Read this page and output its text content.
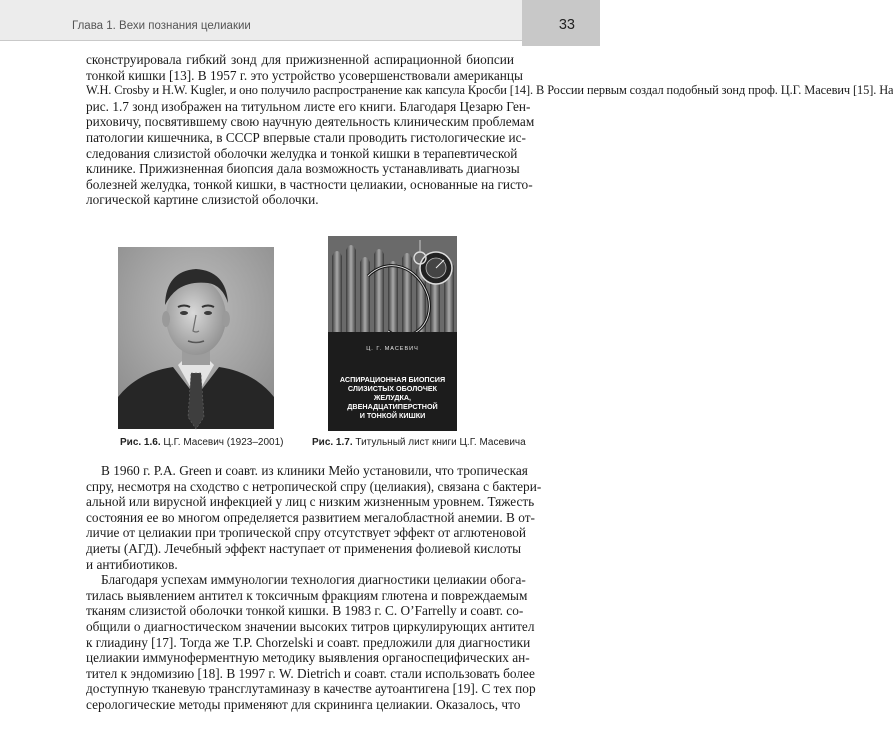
Глава 1. Вехи познания целиакии	33

сконструировала гибкий зонд для прижизненной аспирационной биопсии

тонкой кишки [13]. В 1957 г. это устройство усовершенствовали американцы

W.H. Crosby и H.W. Kugler, и оно получило распространение как капсула Кросби [14]. В России первым создал подобный зонд проф. Ц.Г. Масевич [15]. На

рис. 1.7 зонд изображен на титульном листе его книги. Благодаря Цезарю Ген-

риховичу, посвятившему свою научную деятельность клиническим проблемам

патологии кишечника, в СССР впервые стали проводить гистологические ис-

следования слизистой оболочки желудка и тонкой кишки в терапевтической

клинике. Прижизненная биопсия дала возможность устанавливать диагнозы

болезней желудка, тонкой кишки, в частности целиакии, основанные на гисто-

логической картине слизистой оболочки.

Ц. Г. МАСЕВИЧ
АСПИРАЦИОННАЯ БИОПСИЯ
СЛИЗИСТЫХ ОБОЛОЧЕК
ЖЕЛУДКА,
ДВЕНАДЦАТИПЕРСТНОЙ
И ТОНКОЙ КИШКИ
Рис. 1.6. Ц.Г. Масевич (1923–2001)	Рис. 1.7. Титульный лист книги Ц.Г. Масевича

В 1960 г. P.A. Green и соавт. из клиники Мейо установили, что тропическая

спру, несмотря на сходство с нетропической спру (целиакия), связана с бактери-

альной или вирусной инфекцией у лиц с низким жизненным уровнем. Тяжесть

состояния ее во многом определяется развитием мегалобластной анемии. В от-

личие от целиакии при тропической спру отсутствует эффект от аглютеновой

диеты (АГД). Лечебный эффект наступает от применения фолиевой кислоты

и антибиотиков.

Благодаря успехам иммунологии технология диагностики целиакии обога-

тилась выявлением антител к токсичным фракциям глютена и повреждаемым

тканям слизистой оболочки тонкой кишки. В 1983 г. C. O’Farrelly и соавт. со-

общили о диагностическом значении высоких титров циркулирующих антител

к глиадину [17]. Тогда же T.P. Chorzelski и соавт. предложили для диагностики

целиакии иммуноферментную методику выявления органоспецифических ан-

тител к эндомизию [18]. В 1997 г. W. Dietrich и соавт. стали использовать более

доступную тканевую трансглутаминазу в качестве аутоантигена [19]. С тех пор

серологические методы применяют для скрининга целиакии. Оказалось, что
